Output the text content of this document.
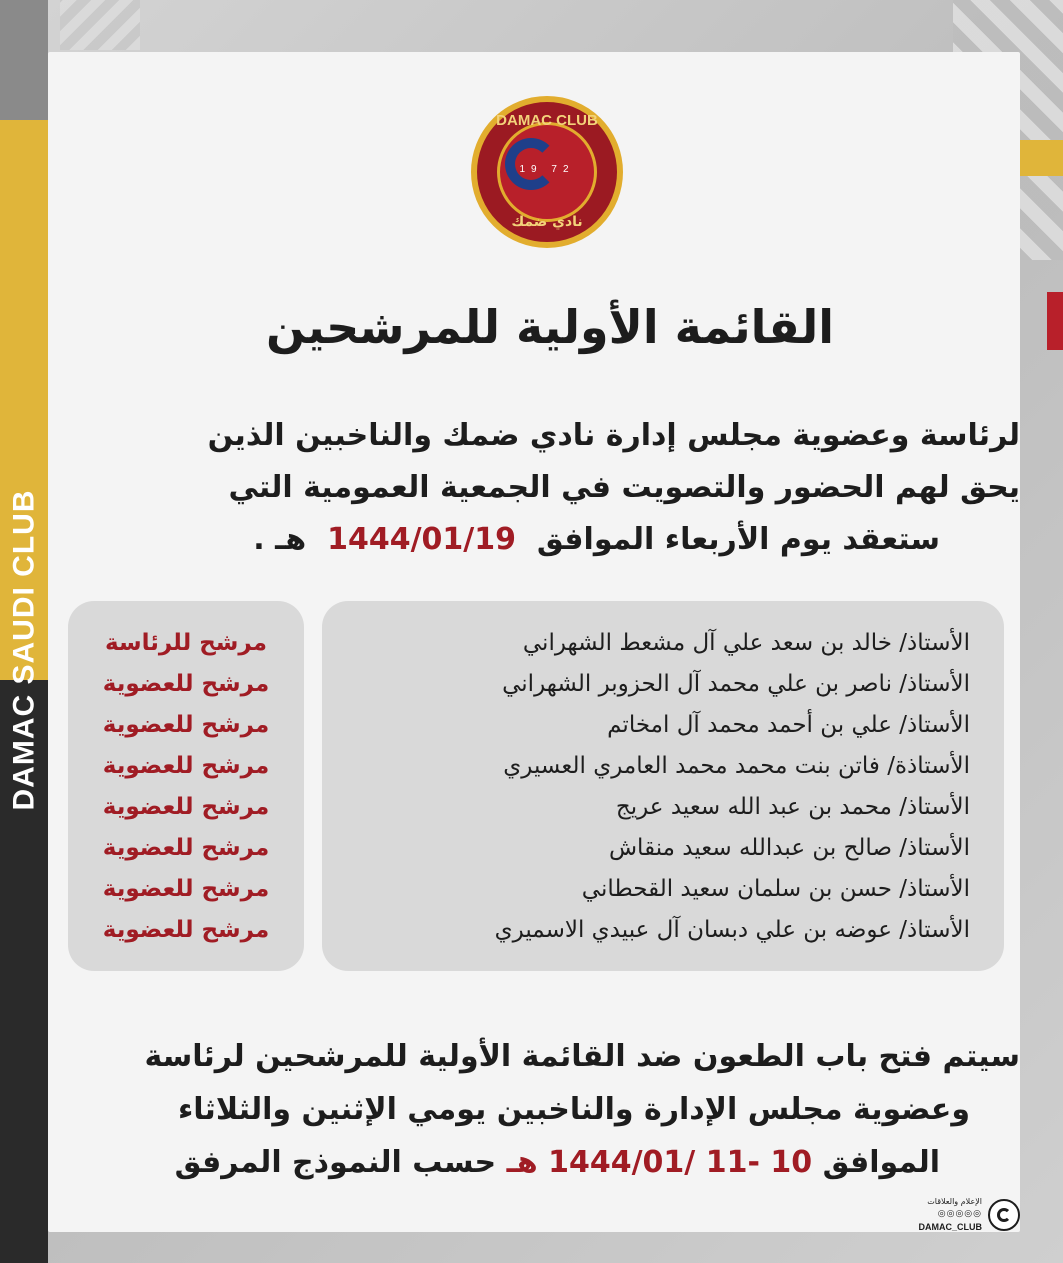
DAMAC SAUDI CLUB
DAMAC CLUB
19 72
نادي ضمك
القائمة الأولية للمرشحين
لرئاسة وعضوية مجلس إدارة نادي ضمك والناخبين الذين
يحق لهم الحضور والتصويت في الجمعية العمومية التي
ستعقد يوم الأربعاء الموافق  1444/01/19  هـ .
الأستاذ/ خالد بن سعد علي آل مشعط الشهراني
الأستاذ/ ناصر بن علي محمد آل الحزوبر الشهراني
الأستاذ/ علي بن أحمد محمد آل امخاتم
الأستاذة/ فاتن بنت محمد محمد العامري العسيري
الأستاذ/ محمد بن عبد الله سعيد عريج
الأستاذ/ صالح بن عبدالله سعيد منقاش
الأستاذ/ حسن بن سلمان سعيد القحطاني
الأستاذ/ عوضه بن علي دبسان آل عبيدي الاسميري
مرشح للرئاسة
مرشح للعضوية
مرشح للعضوية
مرشح للعضوية
مرشح للعضوية
مرشح للعضوية
مرشح للعضوية
مرشح للعضوية
سيتم فتح باب الطعون ضد القائمة الأولية للمرشحين لرئاسة
وعضوية مجلس الإدارة والناخبين يومي الإثنين والثلاثاء
الموافق 10 -11 /1444/01 هـ حسب النموذج المرفق
الإعلام والعلاقات
◎◎◎◎◎
DAMAC_CLUB
